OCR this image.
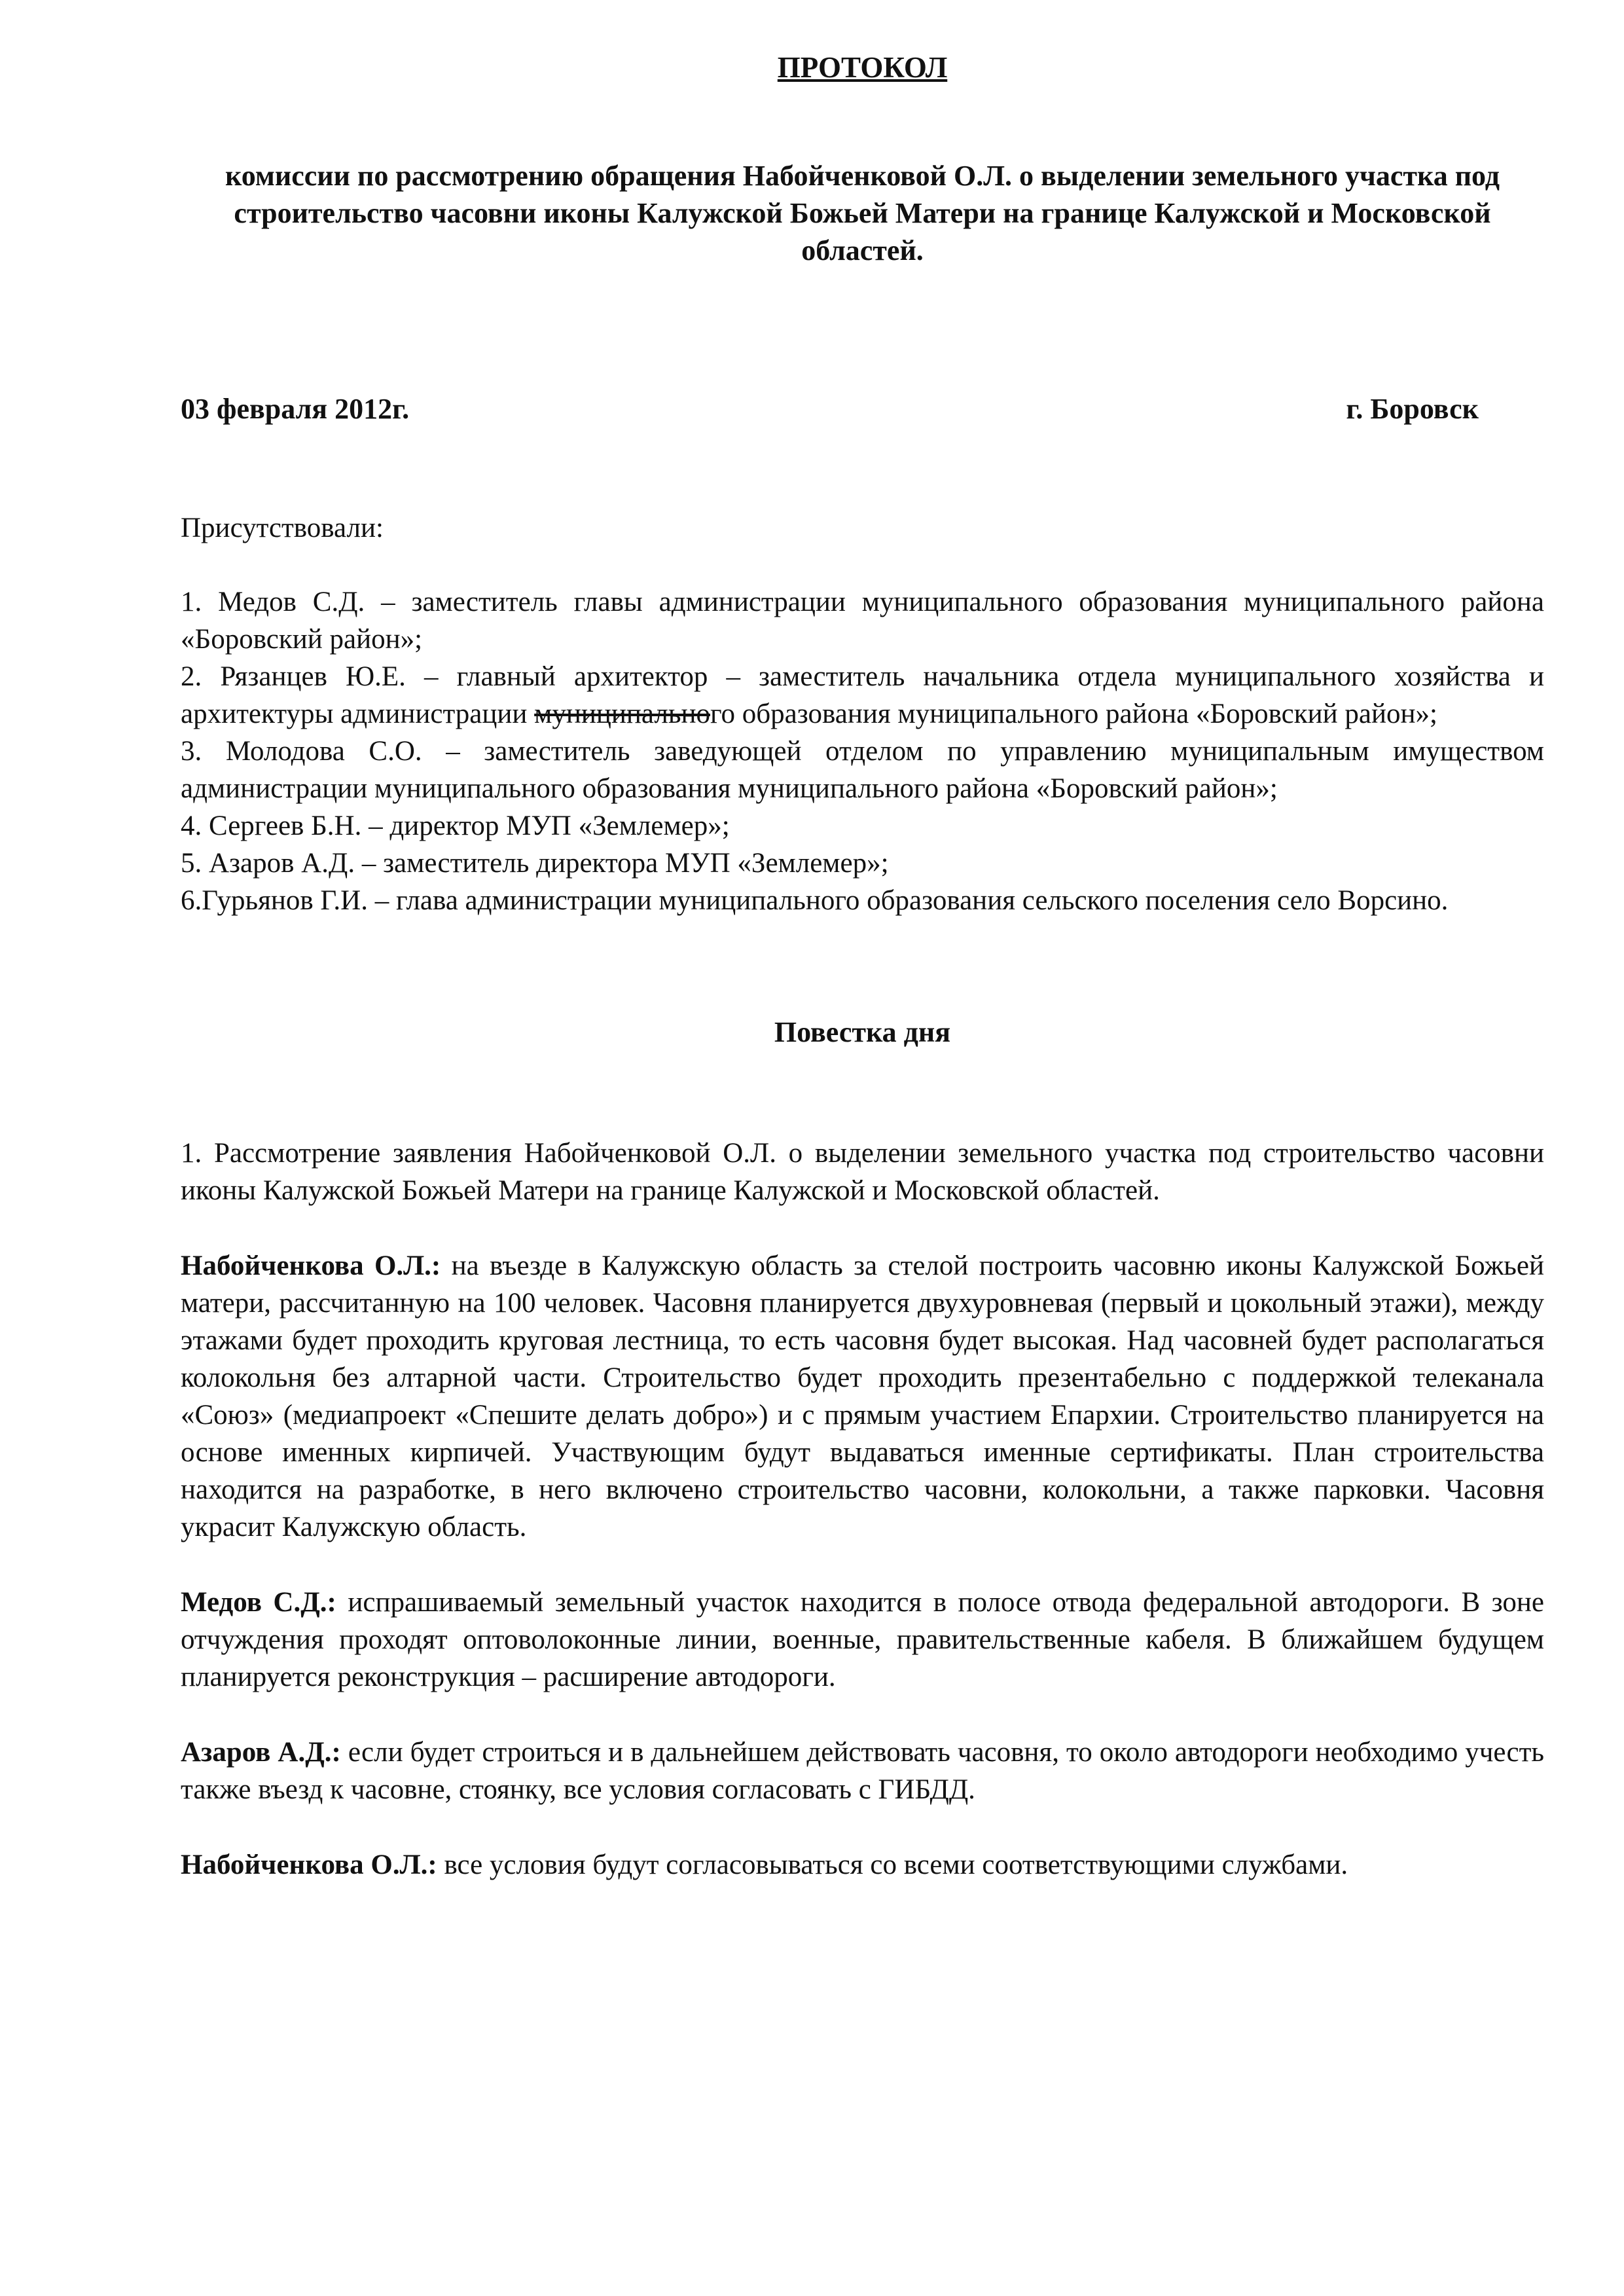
ПРОТОКОЛ
комиссии по рассмотрению обращения Набойченковой О.Л. о выделении земельного участка под строительство часовни иконы Калужской Божьей Матери на границе Калужской и Московской областей.
03 февраля 2012г.	г. Боровск

Присутствовали:

1. Медов С.Д. – заместитель главы администрации муниципального образования муниципального района «Боровский район»;

2. Рязанцев Ю.Е. – главный архитектор – заместитель начальника отдела муниципального хозяйства и архитектуры администрации муниципального образования муниципального района «Боровский район»;

3. Молодова С.О. – заместитель заведующей отделом по управлению муниципальным имуществом администрации муниципального образования муниципального района «Боровский район»;

4. Сергеев Б.Н. – директор МУП «Землемер»;

5. Азаров А.Д. – заместитель директора МУП «Землемер»;

6.Гурьянов Г.И. – глава администрации муниципального образования сельского поселения село Ворсино.

Повестка дня

1. Рассмотрение заявления Набойченковой О.Л. о выделении земельного участка под строительство часовни иконы Калужской Божьей Матери на границе Калужской и Московской областей.

Набойченкова О.Л.: на въезде в Калужскую область за стелой построить часовню иконы Калужской Божьей матери, рассчитанную на 100 человек. Часовня планируется двухуровневая (первый и цокольный этажи), между этажами будет проходить круговая лестница, то есть часовня будет высокая. Над часовней будет располагаться колокольня без алтарной части. Строительство будет проходить презентабельно с поддержкой телеканала «Союз» (медиапроект «Спешите делать добро») и с прямым участием Епархии. Строительство планируется на основе именных кирпичей. Участвующим будут выдаваться именные сертификаты. План строительства находится на разработке, в него включено строительство часовни, колокольни, а также парковки. Часовня украсит Калужскую область.

Медов С.Д.: испрашиваемый земельный участок находится в полосе отвода федеральной автодороги. В зоне отчуждения проходят оптоволоконные линии, военные, правительственные кабеля. В ближайшем будущем планируется реконструкция – расширение автодороги.

Азаров А.Д.: если будет строиться и в дальнейшем действовать часовня, то около автодороги необходимо учесть также въезд к часовне, стоянку, все условия согласовать с ГИБДД.

Набойченкова О.Л.: все условия будут согласовываться со всеми соответствующими службами.
